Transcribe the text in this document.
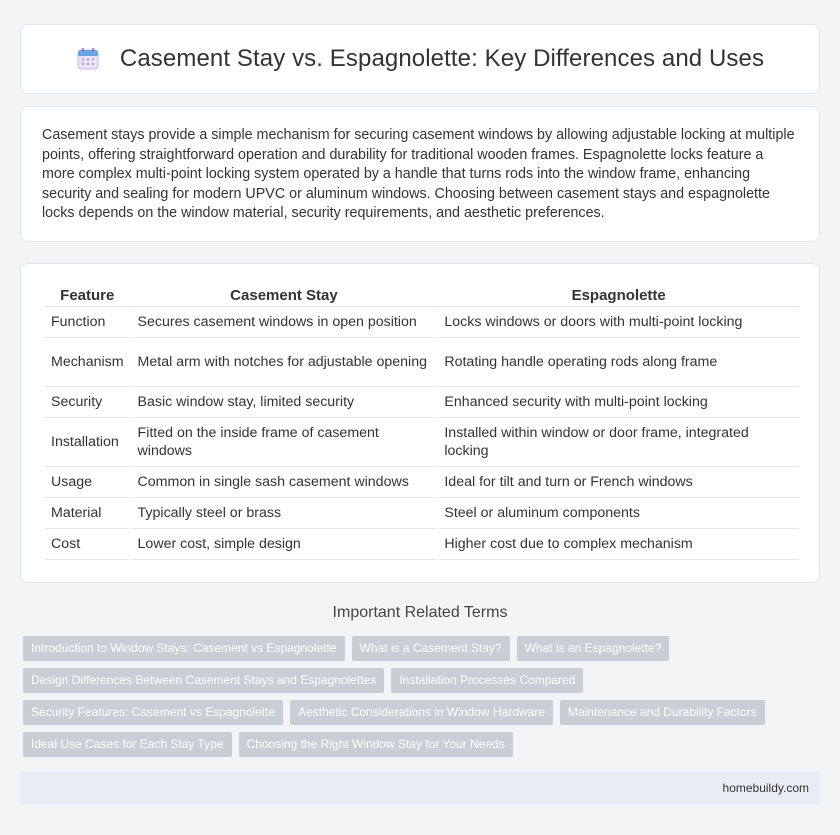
Casement Stay vs. Espagnolette: Key Differences and Uses

Casement stays provide a simple mechanism for securing casement windows by allowing adjustable locking at multiple points, offering straightforward operation and durability for traditional wooden frames. Espagnolette locks feature a more complex multi-point locking system operated by a handle that turns rods into the window frame, enhancing security and sealing for modern UPVC or aluminum windows. Choosing between casement stays and espagnolette locks depends on the window material, security requirements, and aesthetic preferences.

Feature	Casement Stay	Espagnolette
Function	Secures casement windows in open position	Locks windows or doors with multi-point locking
Mechanism	Metal arm with notches for adjustable opening	Rotating handle operating rods along frame
Security	Basic window stay, limited security	Enhanced security with multi-point locking
Installation	Fitted on the inside frame of casement windows	Installed within window or door frame, integrated locking
Usage	Common in single sash casement windows	Ideal for tilt and turn or French windows
Material	Typically steel or brass	Steel or aluminum components
Cost	Lower cost, simple design	Higher cost due to complex mechanism
Important Related Terms
Introduction to Window Stays: Casement vs Espagnolette	What is a Casement Stay?	What is an Espagnolette?
Design Differences Between Casement Stays and Espagnolettes	Installation Processes Compared
Security Features: Casement vs Espagnolette	Aesthetic Considerations in Window Hardware	Maintenance and Durability Factors
Ideal Use Cases for Each Stay Type	Choosing the Right Window Stay for Your Needs
homebuildy.com
